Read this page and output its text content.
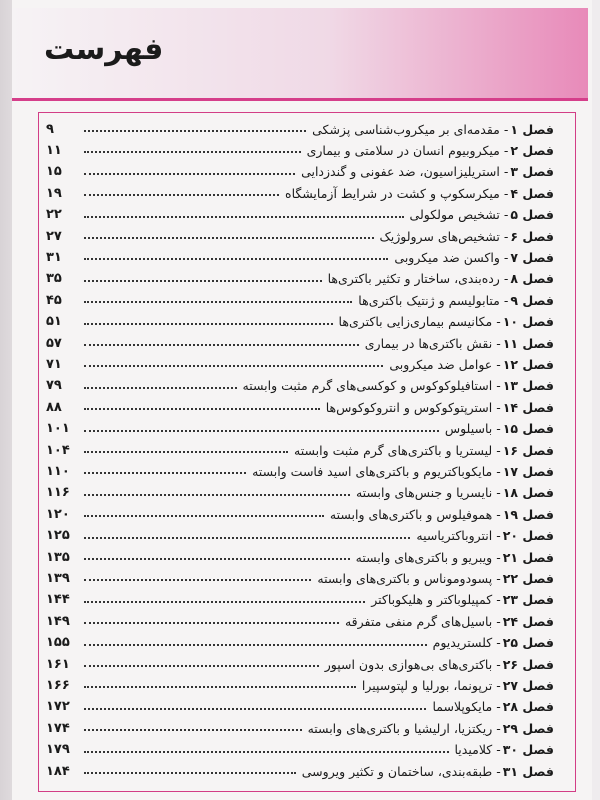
فهرست
فصل ۱
- مقدمه‌ای بر میکروب‌شناسی پزشکی
۹
فصل ۲
- میکروبیوم انسان در سلامتی و بیماری
۱۱
فصل ۳
- استریلیزاسیون، ضد عفونی و گندزدایی
۱۵
فصل ۴
- میکرسکوپ و کشت در شرایط آزمایشگاه
۱۹
فصل ۵
- تشخیص مولکولی
۲۲
فصل ۶
- تشخیص‌های سرولوژیک
۲۷
فصل ۷
- واکسن ضد میکروبی
۳۱
فصل ۸
- رده‌بندی، ساختار و تکثیر باکتری‌ها
۳۵
فصل ۹
- متابولیسم و ژنتیک باکتری‌ها
۴۵
فصل ۱۰
- مکانیسم بیماری‌زایی باکتری‌ها
۵۱
فصل ۱۱
- نقش باکتری‌ها در بیماری
۵۷
فصل ۱۲
- عوامل ضد میکروبی
۷۱
فصل ۱۳
- استافیلوکوکوس و کوکسی‌های گرم مثبت وابسته
۷۹
فصل ۱۴
- استرپتوکوکوس و انتروکوکوس‌ها
۸۸
فصل ۱۵
- باسیلوس
۱۰۱
فصل ۱۶
- لیستریا و باکتری‌های گرم مثبت وابسته
۱۰۴
فصل ۱۷
- مایکوباکتریوم و باکتری‌های اسید فاست وابسته
۱۱۰
فصل ۱۸
- نایسریا و جنس‌های وابسته
۱۱۶
فصل ۱۹
- هموفیلوس و باکتری‌های وابسته
۱۲۰
فصل ۲۰
- انتروباکتریاسیه
۱۲۵
فصل ۲۱
- ویبریو و باکتری‌های وابسته
۱۳۵
فصل ۲۲
- پسودوموناس و باکتری‌های وابسته
۱۳۹
فصل ۲۳
- کمپیلوباکتر و هلیکوباکتر
۱۴۴
فصل ۲۴
- باسیل‌های گرم منفی متفرقه
۱۴۹
فصل ۲۵
- کلستریدیوم
۱۵۵
فصل ۲۶
- باکتری‌های بی‌هوازی بدون اسپور
۱۶۱
فصل ۲۷
- ترپونما، بورلیا و لپتوسپیرا
۱۶۶
فصل ۲۸
- مایکوپلاسما
۱۷۲
فصل ۲۹
- ریکتزیا، ارلیشیا و باکتری‌های وابسته
۱۷۴
فصل ۳۰
- کلامیدیا
۱۷۹
فصل ۳۱
- طبقه‌بندی، ساختمان و تکثیر ویروسی
۱۸۴
